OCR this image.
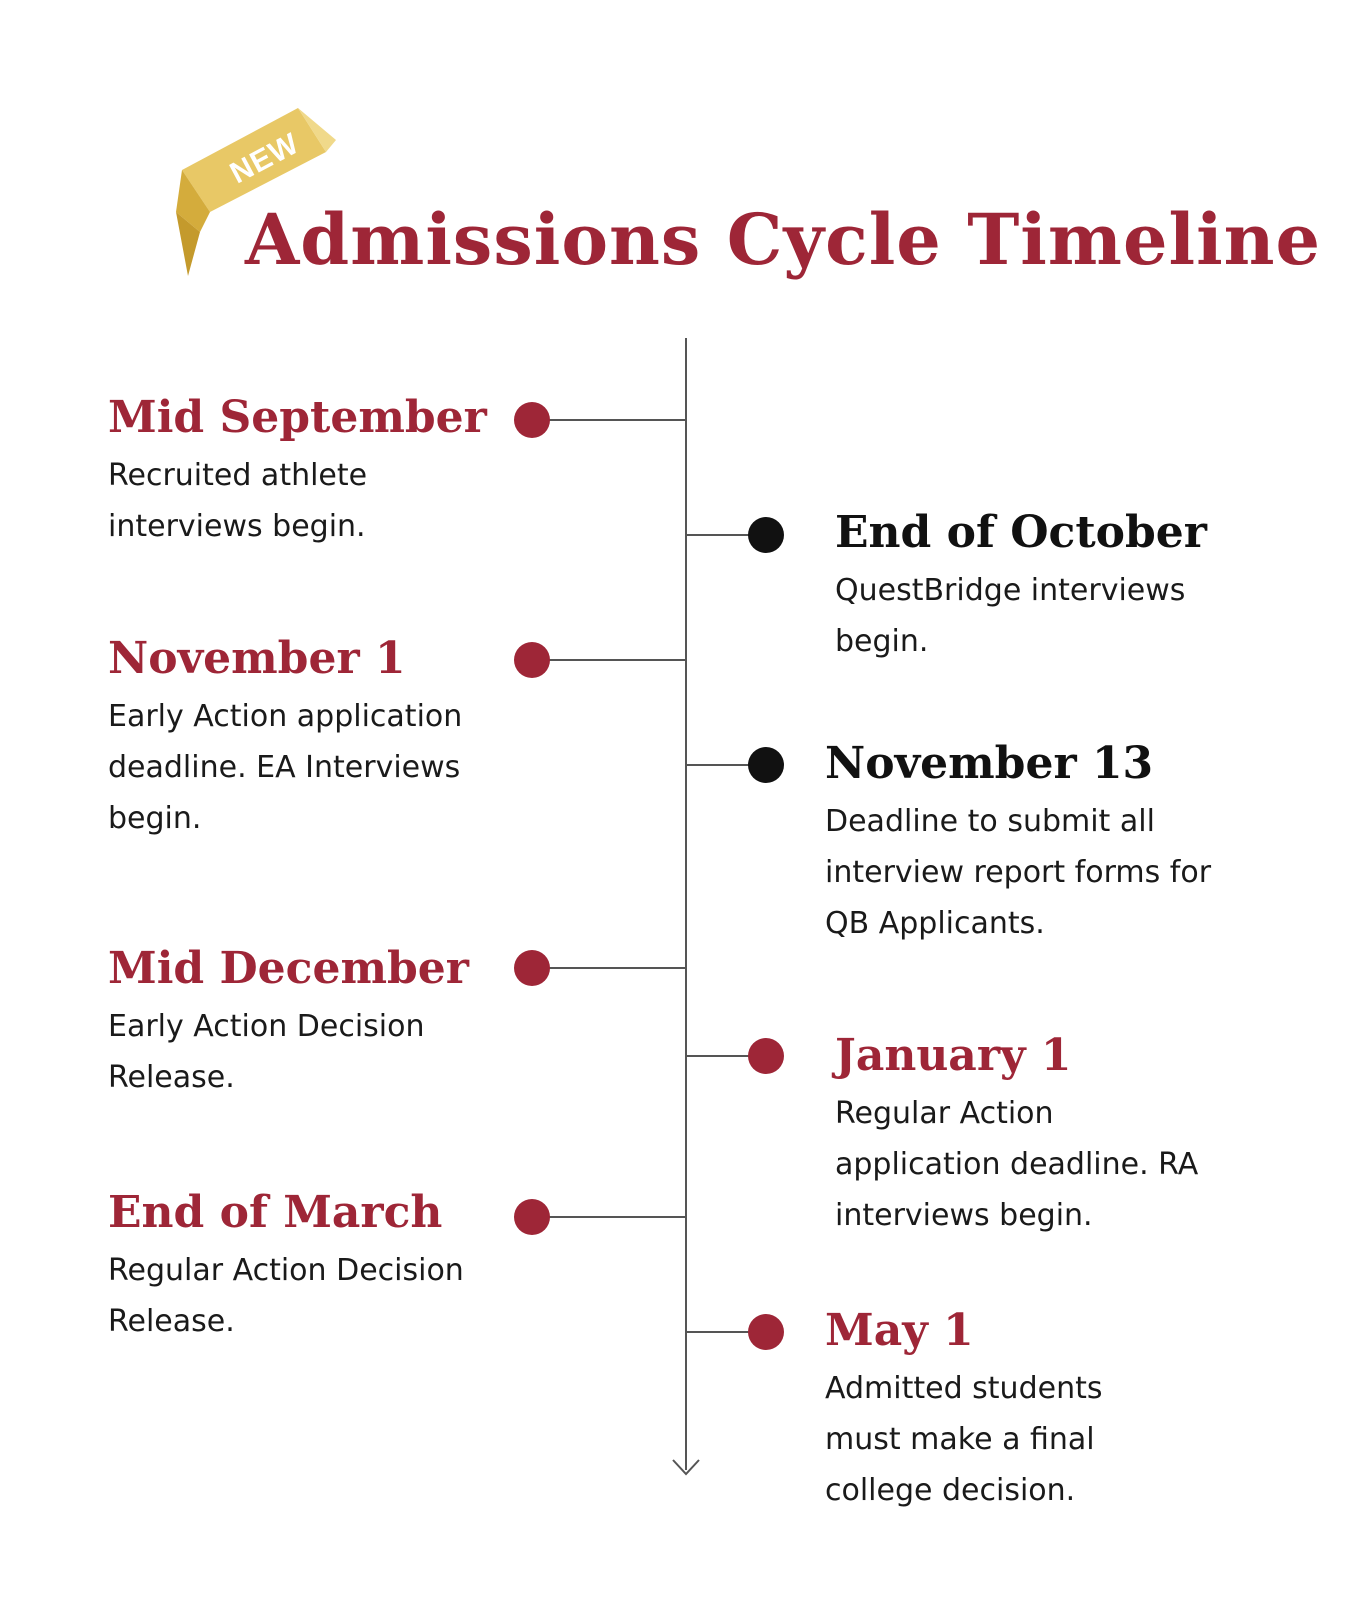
NEW
Admissions Cycle Timeline
Mid September

Recruited athlete interviews begin.	End of October

QuestBridge interviews begin.

November 1

Early Action application deadline. EA Interviews begin.

November 13

Deadline to submit all interview report forms for QB Applicants.

Mid December

Early Action Decision Release.	January 1

Regular Action application deadline. RA interviews begin.

End of March

Regular Action Decision Release.	May 1

Admitted students must make a final college decision.
